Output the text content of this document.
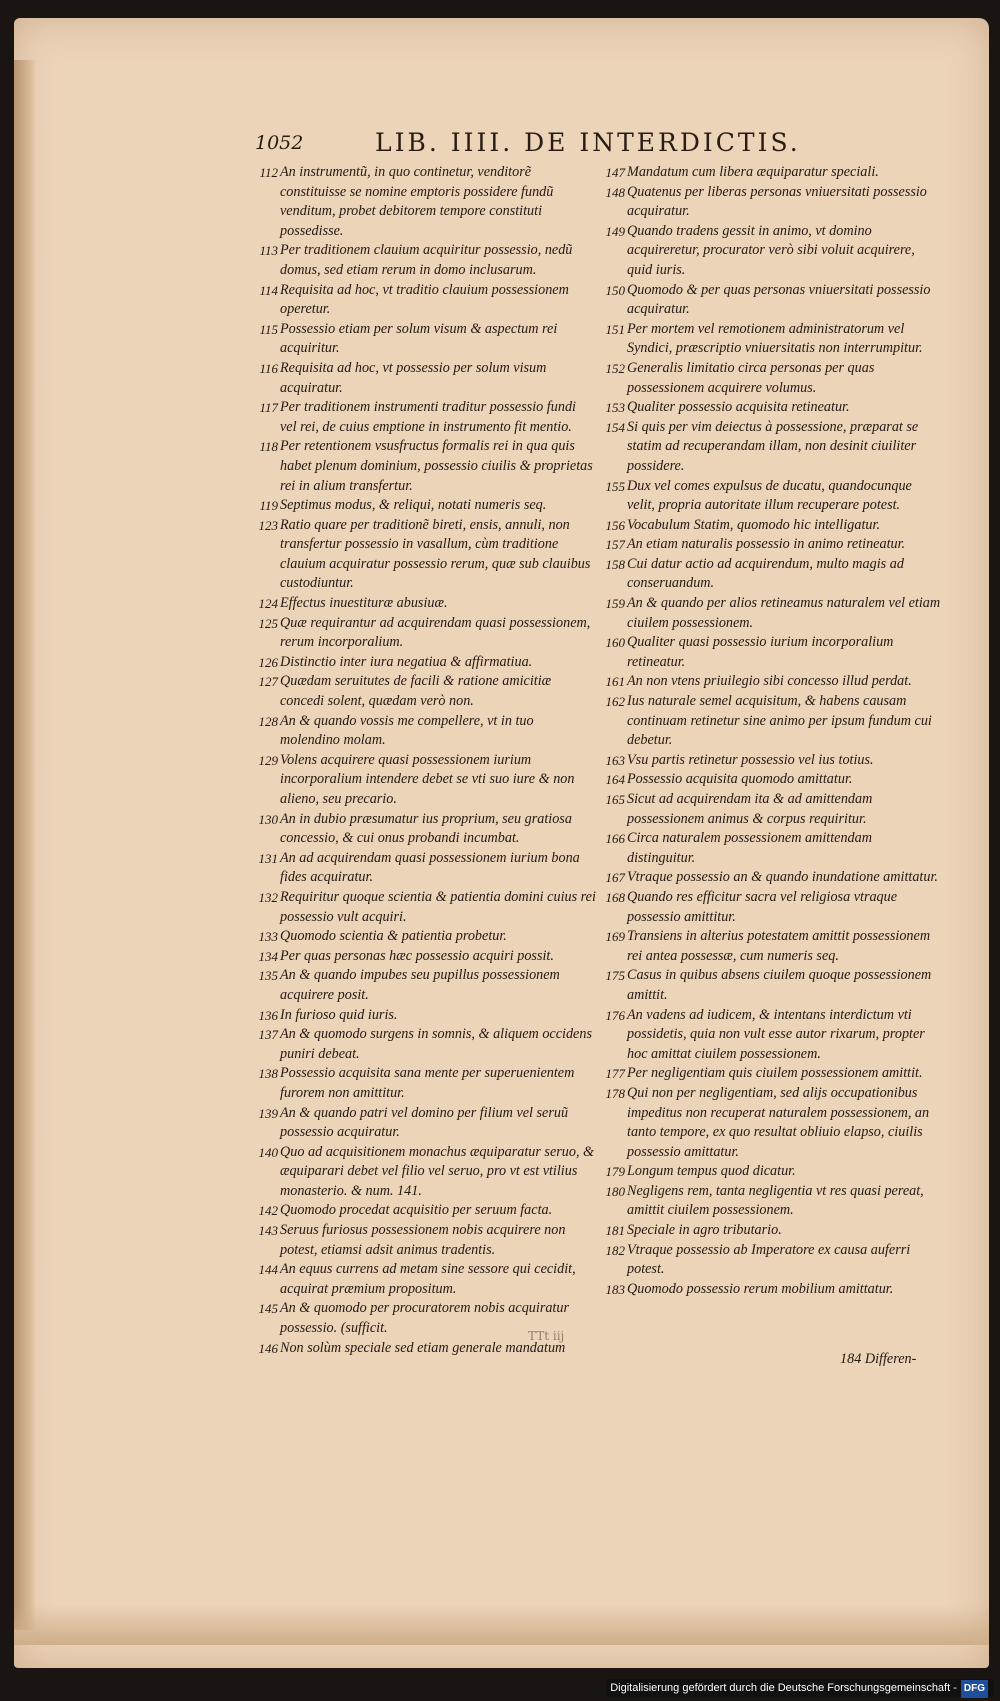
1052	LIB. IIII. DE INTERDICTIS.
112 An instrumentũ, in quo continetur, venditorẽ constituisse se nomine emptoris possidere fundũ venditum, probet debitorem tempore constituti possedisse.
113 Per traditionem clauium acquiritur possessio, nedũ domus, sed etiam rerum in domo inclusarum.
114 Requisita ad hoc, vt traditio clauium possessionem operetur.
115 Possessio etiam per solum visum & aspectum rei acquiritur.
116 Requisita ad hoc, vt possessio per solum visum acquiratur.
117 Per traditionem instrumenti traditur possessio fundi vel rei, de cuius emptione in instrumento fit mentio.
118 Per retentionem vsusfructus formalis rei in qua quis habet plenum dominium, possessio ciuilis & proprietas rei in alium transfertur.
119 Septimus modus, & reliqui, notati numeris seq.
123 Ratio quare per traditionẽ bireti, ensis, annuli, non transfertur possessio in vasallum, cùm traditione clauium acquiratur possessio rerum, quæ sub clauibus custodiuntur.
124 Effectus inuestituræ abusiuæ.
125 Quæ requirantur ad acquirendam quasi possessionem, rerum incorporalium.
126 Distinctio inter iura negatiua & affirmatiua.
127 Quædam seruitutes de facili & ratione amicitiæ concedi solent, quædam verò non.
128 An & quando vossis me compellere, vt in tuo molendino molam.
129 Volens acquirere quasi possessionem iurium incorporalium intendere debet se vti suo iure & non alieno, seu precario.
130 An in dubio præsumatur ius proprium, seu gratiosa concessio, & cui onus probandi incumbat.
131 An ad acquirendam quasi possessionem iurium bona fides acquiratur.
132 Requiritur quoque scientia & patientia domini cuius rei possessio vult acquiri.
133 Quomodo scientia & patientia probetur.
134 Per quas personas hæc possessio acquiri possit.
135 An & quando impubes seu pupillus possessionem acquirere posit.
136 In furioso quid iuris.
137 An & quomodo surgens in somnis, & aliquem occidens puniri debeat.
138 Possessio acquisita sana mente per superuenientem furorem non amittitur.
139 An & quando patri vel domino per filium vel seruũ possessio acquiratur.
140 Quo ad acquisitionem monachus æquiparatur seruo, & æquiparari debet vel filio vel seruo, pro vt est vtilius monasterio. & num. 141.
142 Quomodo procedat acquisitio per seruum facta.
143 Seruus furiosus possessionem nobis acquirere non potest, etiamsi adsit animus tradentis.
144 An equus currens ad metam sine sessore qui cecidit, acquirat præmium propositum.
145 An & quomodo per procuratorem nobis acquiratur possessio. (sufficit.
146 Non solùm speciale sed etiam generale mandatum
147 Mandatum cum libera æquiparatur speciali.
148 Quatenus per liberas personas vniuersitati possessio acquiratur.
149 Quando tradens gessit in animo, vt domino acquireretur, procurator verò sibi voluit acquirere, quid iuris.
150 Quomodo & per quas personas vniuersitati possessio acquiratur.
151 Per mortem vel remotionem administratorum vel Syndici, præscriptio vniuersitatis non interrumpitur.
152 Generalis limitatio circa personas per quas possessionem acquirere volumus.
153 Qualiter possessio acquisita retineatur.
154 Si quis per vim deiectus à possessione, præparat se statim ad recuperandam illam, non desinit ciuiliter possidere.
155 Dux vel comes expulsus de ducatu, quandocunque velit, propria autoritate illum recuperare potest.
156 Vocabulum Statim, quomodo hic intelligatur.
157 An etiam naturalis possessio in animo retineatur.
158 Cui datur actio ad acquirendum, multo magis ad conseruandum.
159 An & quando per alios retineamus naturalem vel etiam ciuilem possessionem.
160 Qualiter quasi possessio iurium incorporalium retineatur.
161 An non vtens priuilegio sibi concesso illud perdat.
162 Ius naturale semel acquisitum, & habens causam continuam retinetur sine animo per ipsum fundum cui debetur.
163 Vsu partis retinetur possessio vel ius totius.
164 Possessio acquisita quomodo amittatur.
165 Sicut ad acquirendam ita & ad amittendam possessionem animus & corpus requiritur.
166 Circa naturalem possessionem amittendam distinguitur.
167 Vtraque possessio an & quando inundatione amittatur.
168 Quando res efficitur sacra vel religiosa vtraque possessio amittitur.
169 Transiens in alterius potestatem amittit possessionem rei antea possessæ, cum numeris seq.
175 Casus in quibus absens ciuilem quoque possessionem amittit.
176 An vadens ad iudicem, & intentans interdictum vti possidetis, quia non vult esse autor rixarum, propter hoc amittat ciuilem possessionem.
177 Per negligentiam quis ciuilem possessionem amittit.
178 Qui non per negligentiam, sed alijs occupationibus impeditus non recuperat naturalem possessionem, an tanto tempore, ex quo resultat obliuio elapso, ciuilis possessio amittatur.
179 Longum tempus quod dicatur.
180 Negligens rem, tanta negligentia vt res quasi pereat, amittit ciuilem possessionem.
181 Speciale in agro tributario.
182 Vtraque possessio ab Imperatore ex causa auferri potest.
183 Quomodo possessio rerum mobilium amittatur.
TTt iij
184 Differen-
Digitalisierung gefördert durch die Deutsche Forschungsgemeinschaft - DFG
